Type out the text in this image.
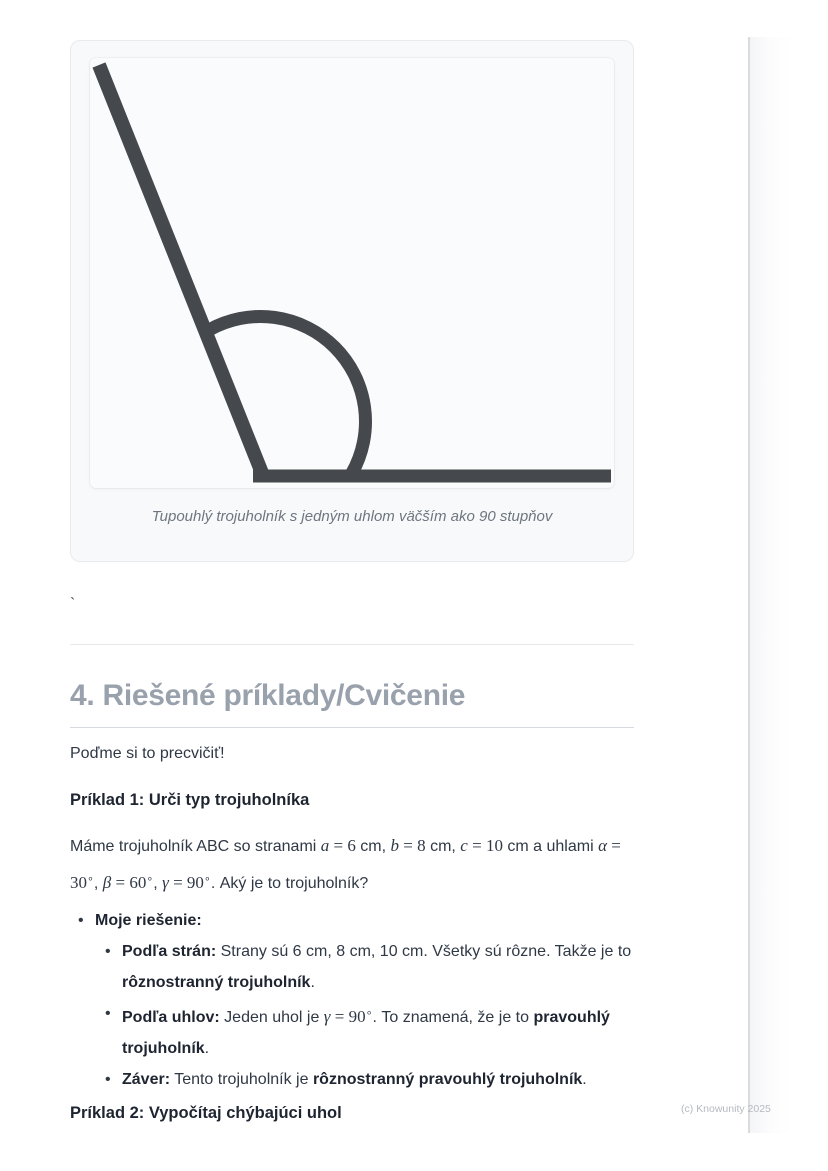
Tupouhlý trojuholník s jedným uhlom väčším ako 90 stupňov
`
4. Riešené príklady/Cvičenie

Poďme si to precvičiť!

Príklad 1: Urči typ trojuholníka

Máme trojuholník ABC so stranami a = 6 cm, b = 8 cm, c = 10 cm a uhlami α = 30∘, β = 60∘, γ = 90∘. Aký je to trojuholník?

• Moje riešenie:
• Podľa strán: Strany sú 6 cm, 8 cm, 10 cm. Všetky sú rôzne. Takže je to rôznostranný trojuholník.
• Podľa uhlov: Jeden uhol je γ = 90∘. To znamená, že je to pravouhlý trojuholník.
• Záver: Tento trojuholník je rôznostranný pravouhlý trojuholník.
Príklad 2: Vypočítaj chýbajúci uhol	(c) Knowunity 2025
